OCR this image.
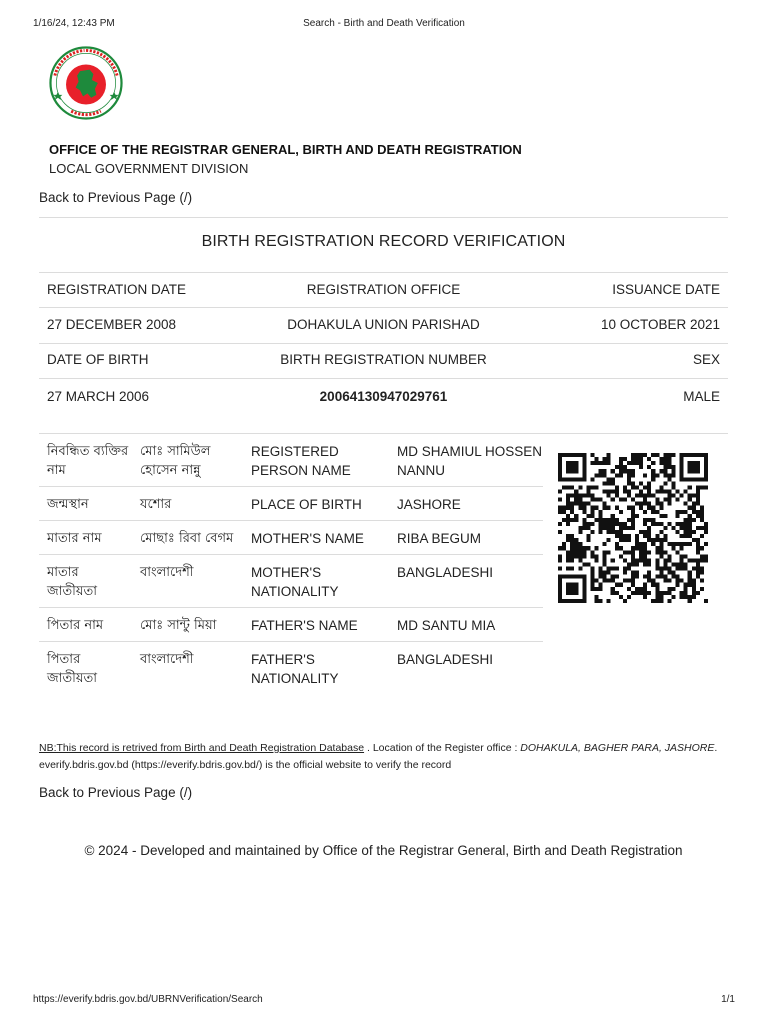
1/16/24, 12:43 PM	Search - Birth and Death Verification
OFFICE OF THE REGISTRAR GENERAL, BIRTH AND DEATH REGISTRATION
LOCAL GOVERNMENT DIVISION
Back to Previous Page (/)
BIRTH REGISTRATION RECORD VERIFICATION
REGISTRATION DATE	REGISTRATION OFFICE	ISSUANCE DATE
27 DECEMBER 2008	DOHAKULA UNION PARISHAD	10 OCTOBER 2021
DATE OF BIRTH	BIRTH REGISTRATION NUMBER	SEX
27 MARCH 2006	20064130947029761	MALE
নিবন্ধিত ব্যক্তির নাম	মোঃ সামিউল হোসেন নান্নু	REGISTERED PERSON NAME	MD SHAMIUL HOSSEN NANNU
জন্মস্থান	যশোর	PLACE OF BIRTH	JASHORE
মাতার নাম	মোছাঃ রিবা বেগম	MOTHER'S NAME	RIBA BEGUM
মাতার জাতীয়তা	বাংলাদেশী	MOTHER'S NATIONALITY	BANGLADESHI
পিতার নাম	মোঃ সান্টু মিয়া	FATHER'S NAME	MD SANTU MIA
পিতার জাতীয়তা	বাংলাদেশী	FATHER'S NATIONALITY	BANGLADESHI
NB:This record is retrived from Birth and Death Registration Database . Location of the Register office : DOHAKULA, BAGHER PARA, JASHORE. everify.bdris.gov.bd (https://everify.bdris.gov.bd/) is the official website to verify the record
Back to Previous Page (/)
© 2024 - Developed and maintained by Office of the Registrar General, Birth and Death Registration
https://everify.bdris.gov.bd/UBRNVerification/Search	1/1
